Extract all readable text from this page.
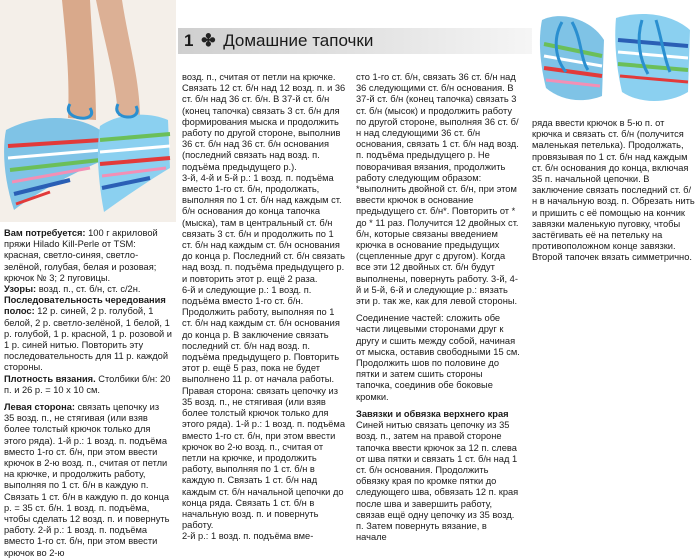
1 ✤ Домашние тапочки

Вам потребуется: 100 г акриловой пряжи Hilado Kill-Perle от TSM: красная, светло-синяя, светло-зелёной, голубая, белая и розовая; крючок № 3; 2 пуговицы.

Узоры: возд. п., ст. б/н, ст. с/2н.

Последовательность чередования полос: 12 р. синей, 2 р. голубой, 1 белой, 2 р. светло-зелёной, 1 белой, 1 р. голубой, 1 р. красной, 1 р. розовой и 1 р. синей нитью. Повторить эту последовательность для 11 р. каждой стороны.

Плотность вязания. Столбики б/н: 20 п. и 26 р. = 10 х 10 см.

Левая сторона: связать цепочку из 35 возд. п., не стягивая (или взяв более толстый крючок только для этого ряда). 1-й р.: 1 возд. п. подъёма вместо 1-го ст. б/н, при этом ввести крючок в 2-ю возд. п., считая от петли на крючке, и продолжить работу, выполняя по 1 ст. б/н в каждую п. Связать 1 ст. б/н в каждую п. до конца р. = 35 ст. б/н. 1 возд. п. подъёма, чтобы сделать 12 возд. п. и повернуть работу. 2-й р.: 1 возд. п. подъёма вместо 1-го ст. б/н, при этом ввести крючок во 2-ю

возд. п., считая от петли на крючке. Связать 12 ст. б/н над 12 возд. п. и 36 ст. б/н над 36 ст. б/н. В 37-й ст. б/н (конец тапочка) связать 3 ст. б/н для формирования мыска и продолжить работу по другой стороне, выполнив 36 ст. б/н над 36 ст. б/н основания (последний связать над возд. п. подъёма предыдущего р.).

3-й, 4-й и 5-й р.: 1 возд. п. подъёма вместо 1-го ст. б/н, продолжать, выполняя по 1 ст. б/н над каждым ст. б/н основания до конца тапочка (мыска), там в центральный ст. б/н связать 3 ст. б/н и продолжить по 1 ст. б/н над каждым ст. б/н основания до конца р. Последний ст. б/н связать над возд. п. подъёма предыдущего р. и повторить этот р. ещё 2 раза.

6-й и следующие р.: 1 возд. п. подъёма вместо 1-го ст. б/н. Продолжить работу, выполняя по 1 ст. б/н над каждым ст. б/н основания до конца р. В заключение связать последний ст. б/н над возд. п. подъёма предыдущего р. Повторить этот р. ещё 5 раз, пока не будет выполнено 11 р. от начала работы.

Правая сторона: связать цепочку из 35 возд. п., не стягивая (или взяв более толстый крючок только для этого ряда). 1-й р.: 1 возд. п. подъёма вместо 1-го ст. б/н, при этом ввести крючок во 2-ю возд. п., считая от петли на крючке, и продолжить работу, выполняя по 1 ст. б/н в каждую п. Связать 1 ст. б/н над каждым ст. б/н начальной цепочки до конца ряда. Связать 1 ст. б/н в начальную возд. п. и повернуть работу.

2-й р.: 1 возд. п. подъёма вме-

сто 1-го ст. б/н, связать 36 ст. б/н над 36 следующими ст. б/н основания. В 37-й ст. б/н (конец тапочка) связать 3 ст. б/н (мысок) и продолжить работу по другой стороне, выполняя 36 ст. б/н над следующими 36 ст. б/н основания, связать 1 ст. б/н над возд. п. подъёма предыдущего р. Не поворачивая вязания, продолжить работу следующим образом: *выполнить двойной ст. б/н, при этом ввести крючок в основание предыдущего ст. б/н*. Повторить от * до * 11 раз. Получится 12 двойных ст. б/н, которые связаны введением крючка в основание предыдущих (сцепленные друг с другом). Когда все эти 12 двойных ст. б/н будут выполнены, повернуть работу. 3-й, 4-й и 5-й, 6-й и следующие р.: вязать эти р. так же, как для левой стороны.

Соединение частей: сложить обе части лицевыми сторонами друг к другу и сшить между собой, начиная от мыска, оставив свободными 15 см. Продолжить шов по половине до пятки и затем сшить стороны тапочка, соединив обе боковые кромки.

Завязки и обвязка верхнего края

Синей нитью связать цепочку из 35 возд. п., затем на правой стороне тапочка ввести крючок за 12 п. слева от шва пятки и связать 1 ст. б/н над 1 ст. б/н основания. Продолжить обвязку края по кромке пятки до следующего шва, обвязать 12 п. края после шва и завершить работу, связав ещё одну цепочку из 35 возд. п. Затем повернуть вязание, в начале

ряда ввести крючок в 5-ю п. от крючка и связать ст. б/н (получится маленькая петелька). Продолжать, провязывая по 1 ст. б/н над каждым ст. б/н основания до конца, включая 35 п. начальной цепочки. В заключение связать последний ст. б/н в начальную возд. п. Обрезать нить и пришить с её помощью на кончик завязки маленькую пуговку, чтобы застёгивать её на петельку на противоположном конце завязки.

Второй тапочек вязать симметрично.
